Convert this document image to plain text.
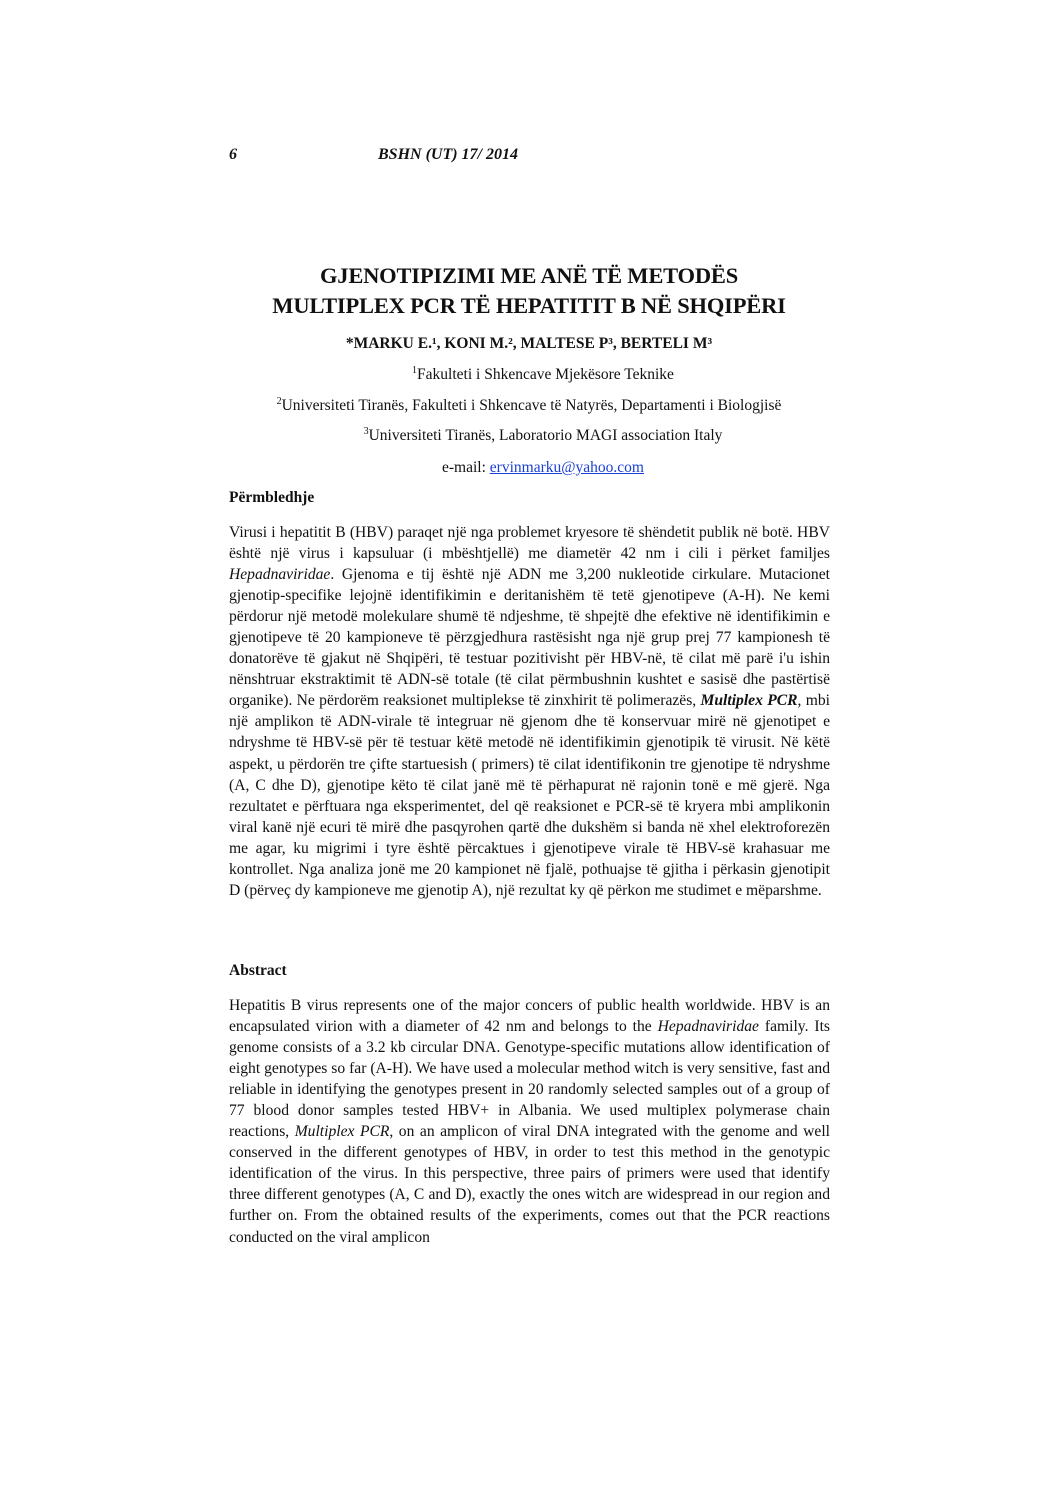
6	BSHN (UT) 17/ 2014
GJENOTIPIZIMI ME ANË TË METODËS
MULTIPLEX PCR TË HEPATITIT B NË SHQIPËRI
*MARKU E.¹, KONI M.², MALTESE P³, BERTELI M³
$^1$Fakulteti i Shkencave Mjekësore Teknike
$^2$Universiteti Tiranës, Fakulteti i Shkencave të Natyrës, Departamenti i Biologjisë
$^3$Universiteti Tiranës, Laboratorio MAGI association Italy
e-mail: ervinmarku@yahoo.com
Përmbledhje
Virusi i hepatitit B (HBV) paraqet një nga problemet kryesore të shëndetit publik në botë. HBV është një virus i kapsuluar (i mbështjellë) me diametër 42 nm i cili i përket familjes Hepadnaviridae. Gjenoma e tij është një ADN me 3,200 nukleotide cirkulare. Mutacionet gjenotip-specifike lejojnë identifikimin e deritanishëm të tetë gjenotipeve (A-H). Ne kemi përdorur një metodë molekulare shumë të ndjeshme, të shpejtë dhe efektive në identifikimin e gjenotipeve të 20 kampioneve të përzgjedhura rastësisht nga një grup prej 77 kampionesh të donatorëve të gjakut në Shqipëri, të testuar pozitivisht për HBV-në, të cilat më parë i'u ishin nënshtruar ekstraktimit të ADN-së totale (të cilat përmbushnin kushtet e sasisë dhe pastërtisë organike). Ne përdorëm reaksionet multiplekse të zinxhirit të polimerazës, Multiplex PCR, mbi një amplikon të ADN-virale të integruar në gjenom dhe të konservuar mirë në gjenotipet e ndryshme të HBV-së për të testuar këtë metodë në identifikimin gjenotipik të virusit. Në këtë aspekt, u përdorën tre çifte startuesish ( primers) të cilat identifikonin tre gjenotipe të ndryshme (A, C dhe D), gjenotipe këto të cilat janë më të përhapurat në rajonin tonë e më gjerë. Nga rezultatet e përftuara nga eksperimentet, del që reaksionet e PCR-së të kryera mbi amplikonin viral kanë një ecuri të mirë dhe pasqyrohen qartë dhe dukshëm si banda në xhel elektroforezën me agar, ku migrimi i tyre është përcaktues i gjenotipeve virale të HBV-së krahasuar me kontrollet. Nga analiza jonë me 20 kampionet në fjalë, pothuajse të gjitha i përkasin gjenotipit D (përveç dy kampioneve me gjenotip A), një rezultat ky që përkon me studimet e mëparshme.
Abstract
Hepatitis B virus represents one of the major concers of public health worldwide. HBV is an encapsulated virion with a diameter of 42 nm and belongs to the Hepadnaviridae family. Its genome consists of a 3.2 kb circular DNA. Genotype-specific mutations allow identification of eight genotypes so far (A-H). We have used a molecular method witch is very sensitive, fast and reliable in identifying the genotypes present in 20 randomly selected samples out of a group of 77 blood donor samples tested HBV+ in Albania. We used multiplex polymerase chain reactions, Multiplex PCR, on an amplicon of viral DNA integrated with the genome and well conserved in the different genotypes of HBV, in order to test this method in the genotypic identification of the virus. In this perspective, three pairs of primers were used that identify three different genotypes (A, C and D), exactly the ones witch are widespread in our region and further on. From the obtained results of the experiments, comes out that the PCR reactions conducted on the viral amplicon
